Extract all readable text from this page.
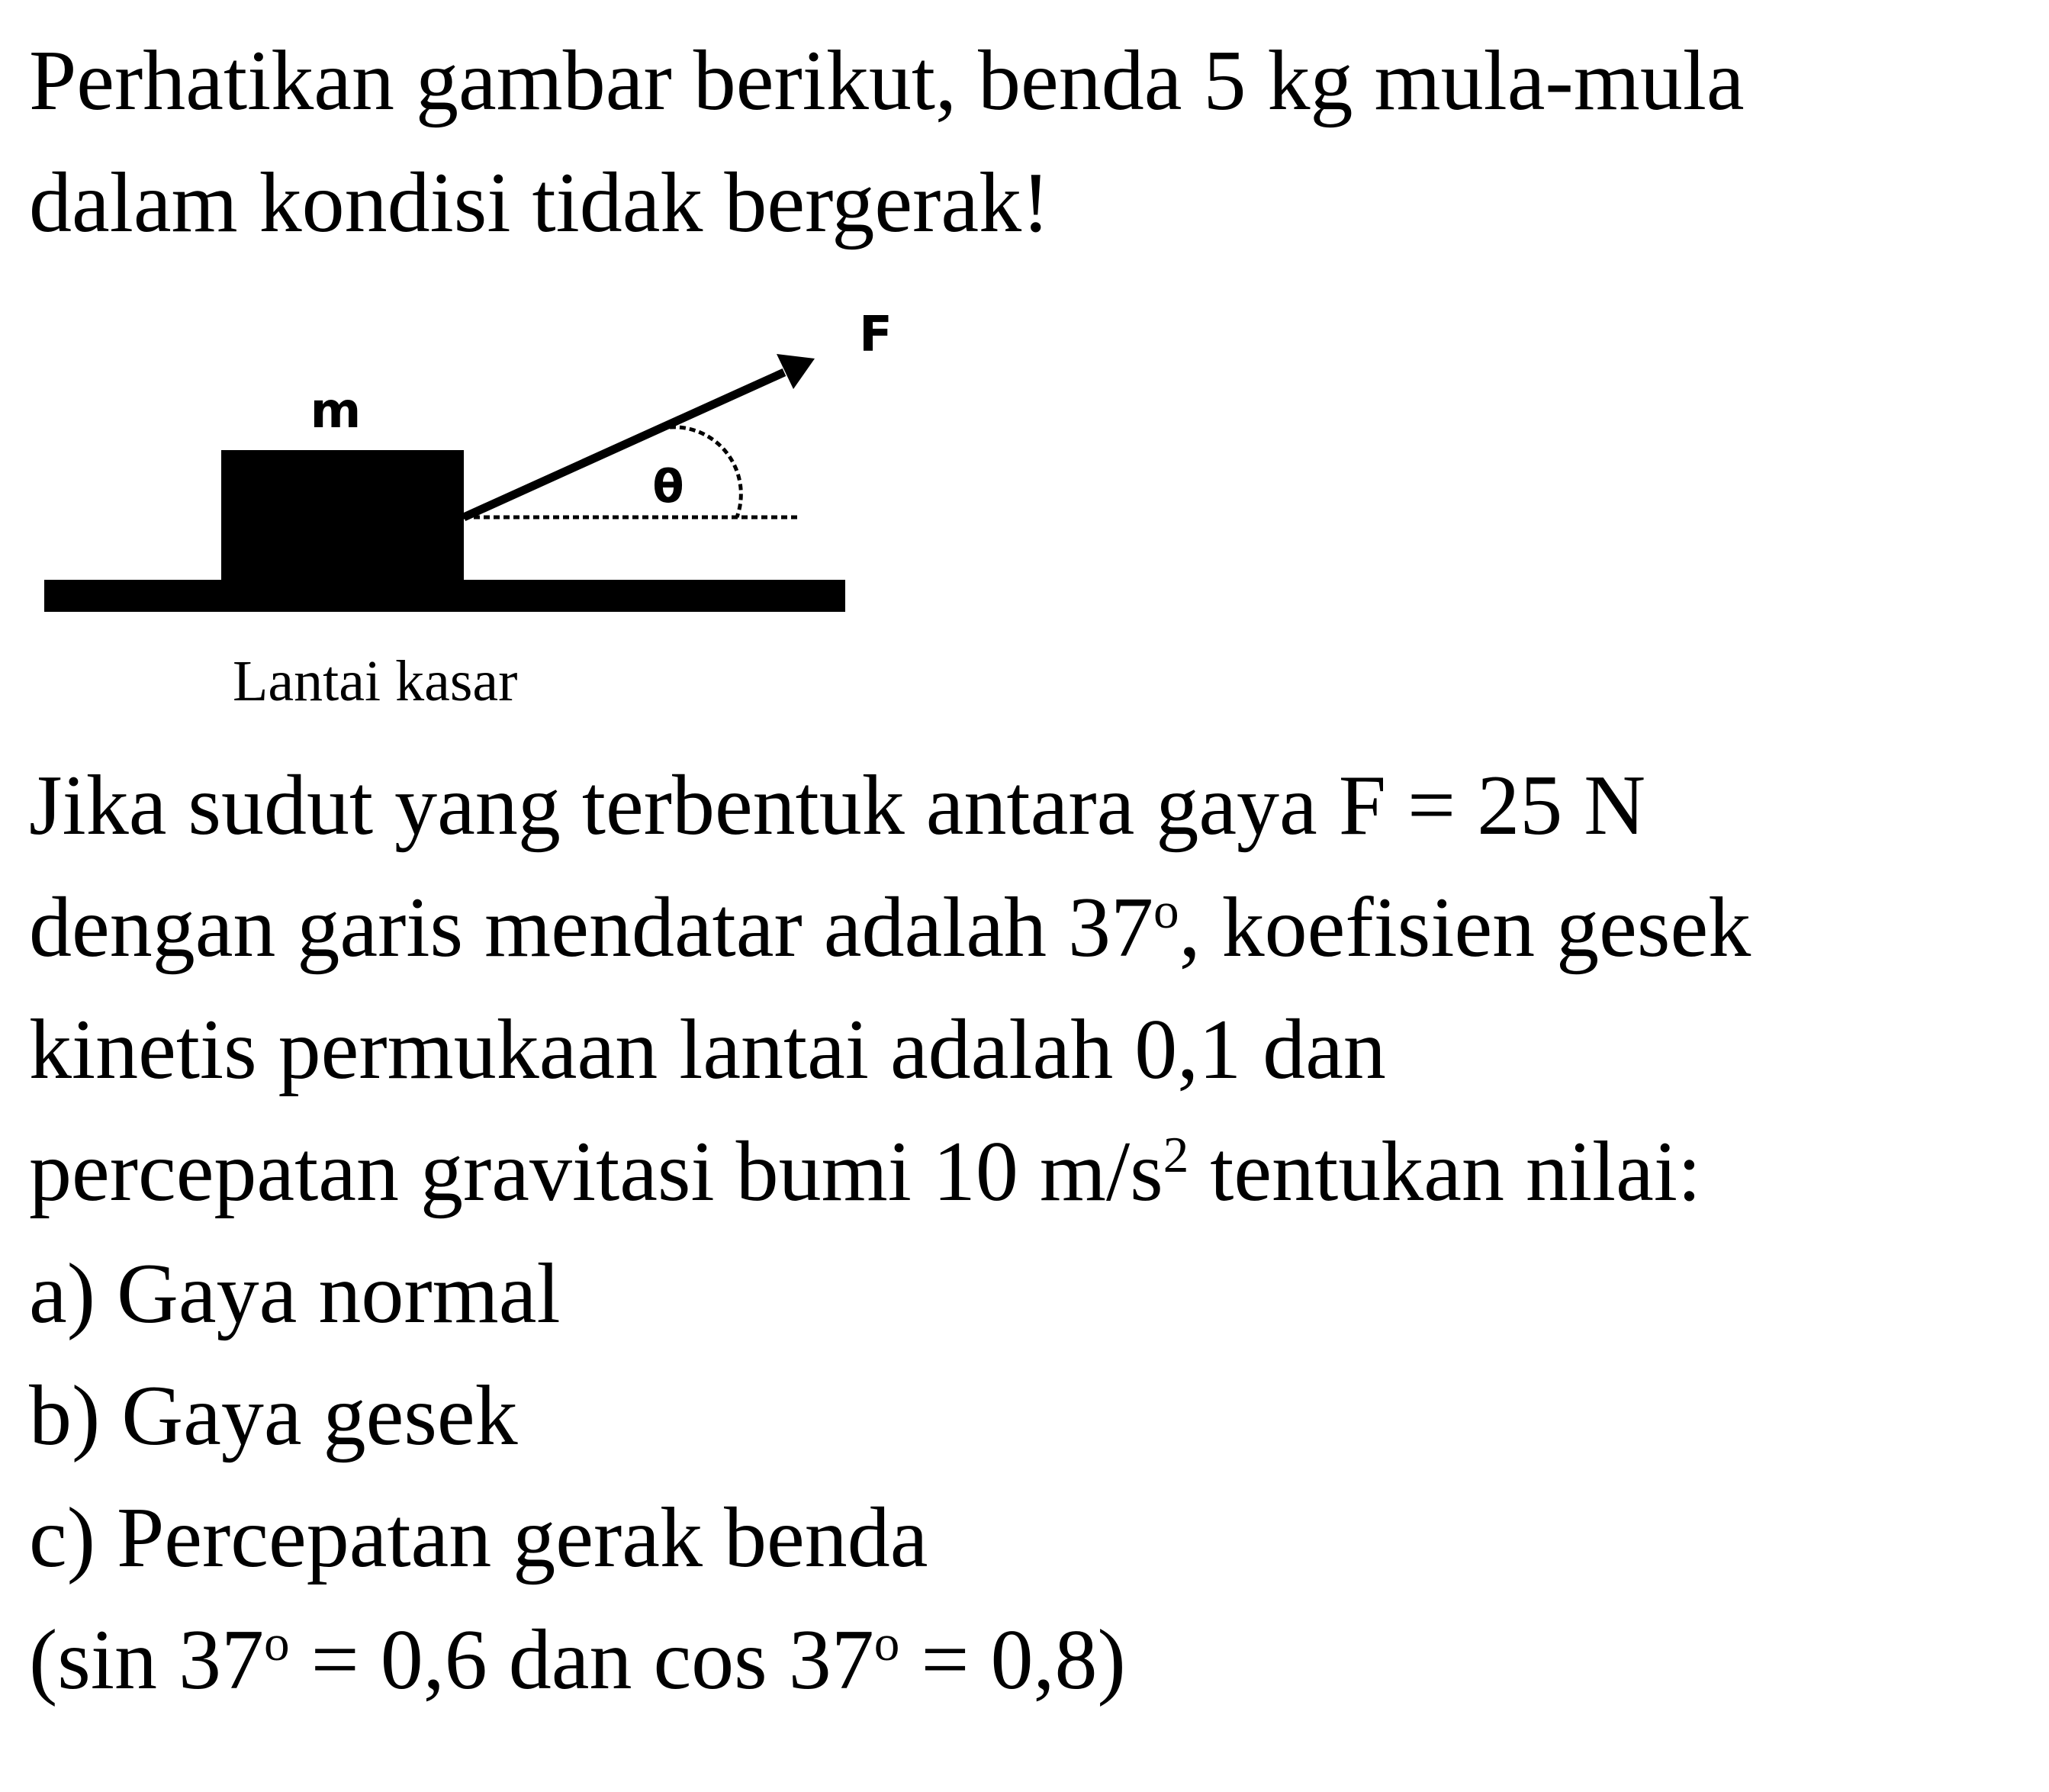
Perhatikan gambar berikut, benda 5 kg mula-mula
dalam kondisi tidak bergerak!
m
F
θ
Lantai kasar
Jika sudut yang terbentuk antara gaya F = 25 N
dengan garis mendatar adalah 37$^o$, koefisien gesek
kinetis permukaan lantai adalah 0,1 dan
percepatan gravitasi bumi 10 $m/s^2$ tentukan nilai:
a) Gaya normal
b) Gaya gesek
c) Percepatan gerak benda
(sin $37^o = 0,6$ dan $\cos 37^o = 0,8$)
